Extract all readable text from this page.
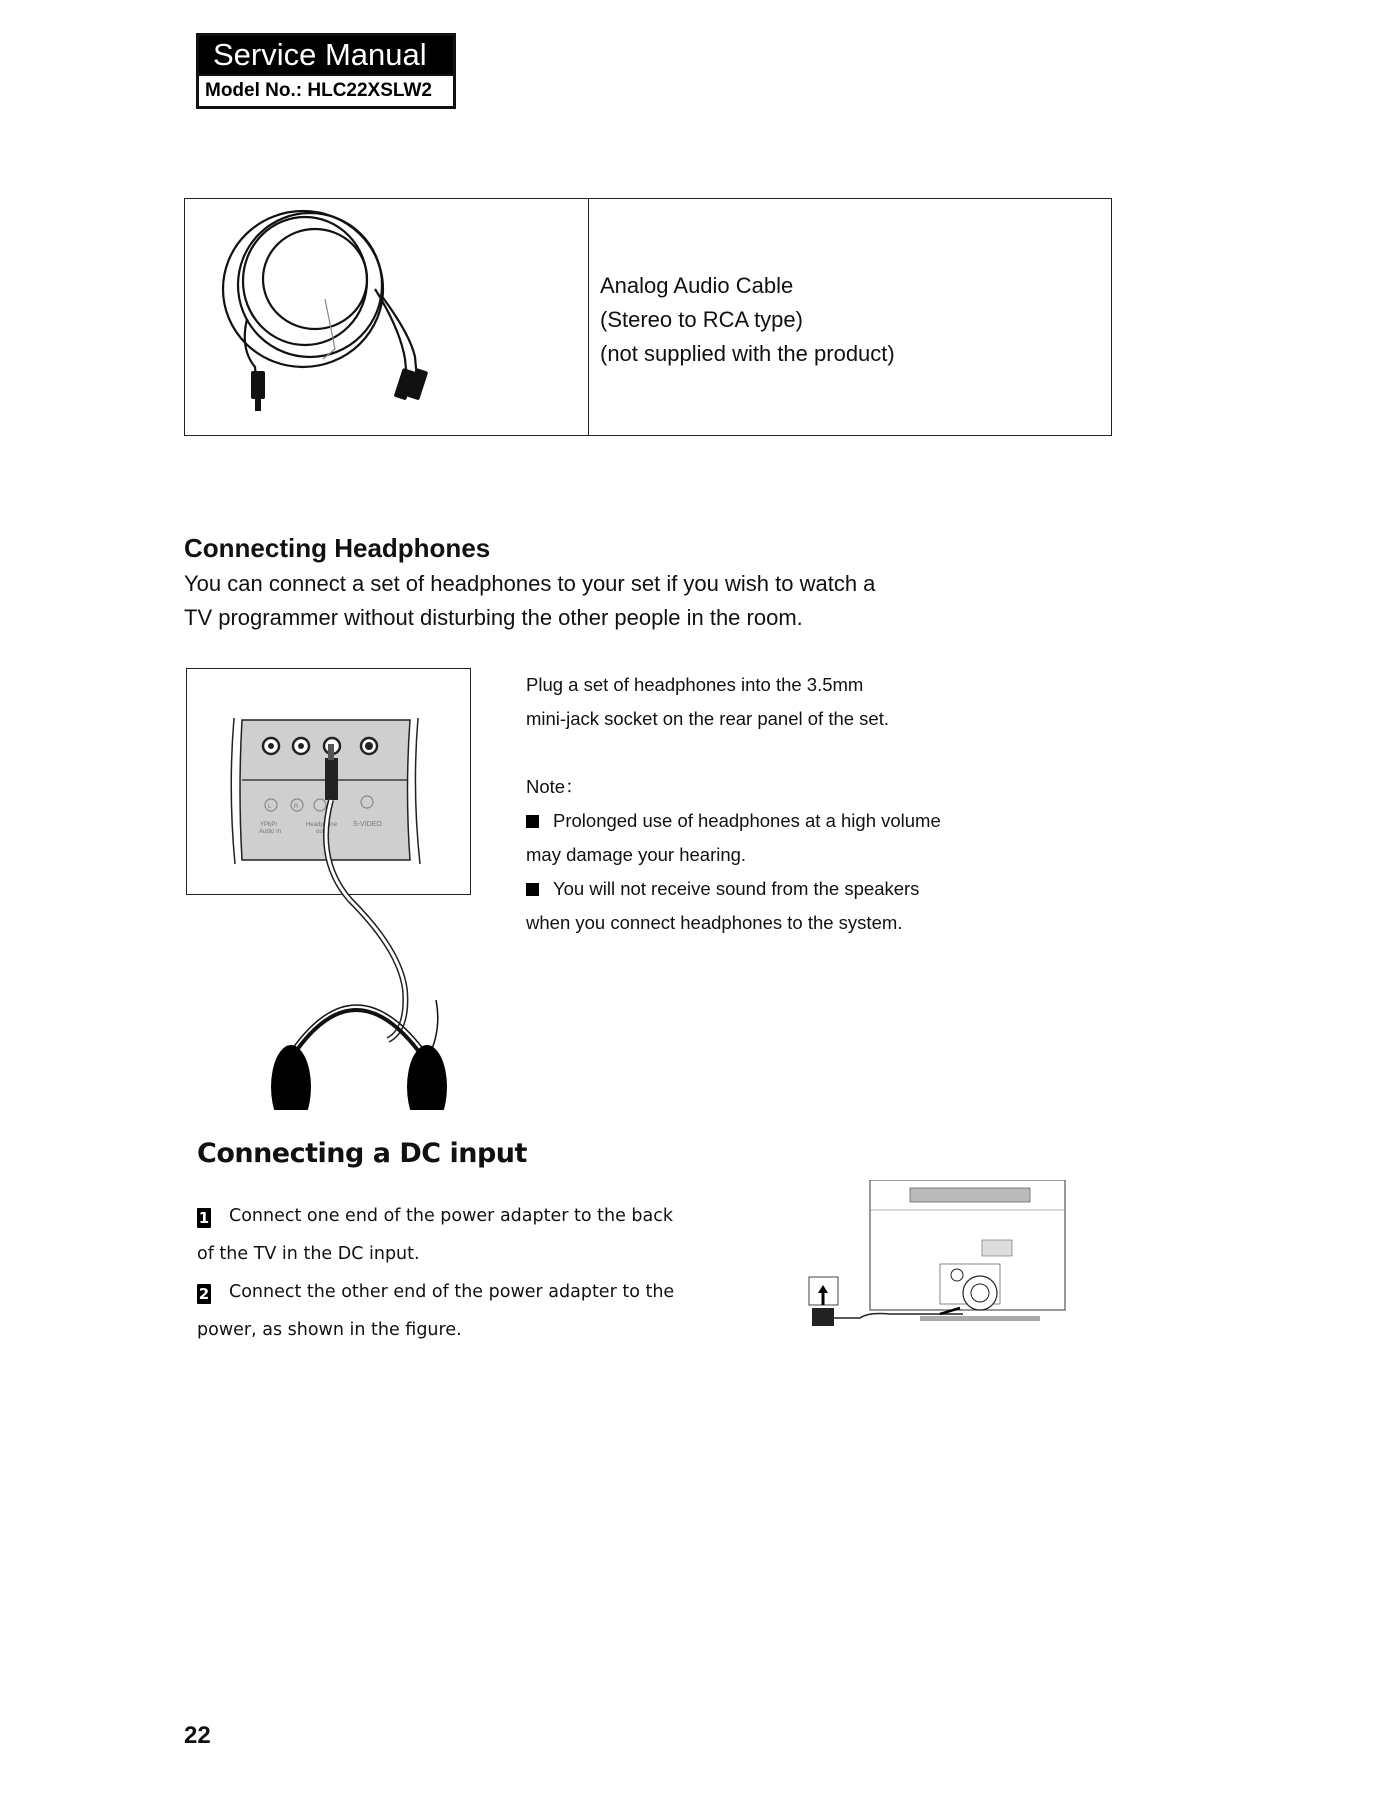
Service Manual
Model No.: HLC22XSLW2
Analog Audio Cable
(Stereo to RCA type)
(not supplied with the product)
Connecting Headphones
You can connect a set of headphones to your set if you wish to watch a
TV programmer without disturbing the other people in the room.
L	R
YPbPr
Audio In
Headphone
out
S-VIDEO

Plug a set of headphones into the 3.5mm

mini-jack socket on the rear panel of the set.

Note：

Prolonged use of headphones at a high volume

may damage your hearing.

You will not receive sound from the speakers

when you connect headphones to the system.

Connecting a DC input

1 Connect one end of the power adapter to the back

of the TV in the DC input.

2 Connect the other end of the power adapter to the

power, as shown in the figure.

22
